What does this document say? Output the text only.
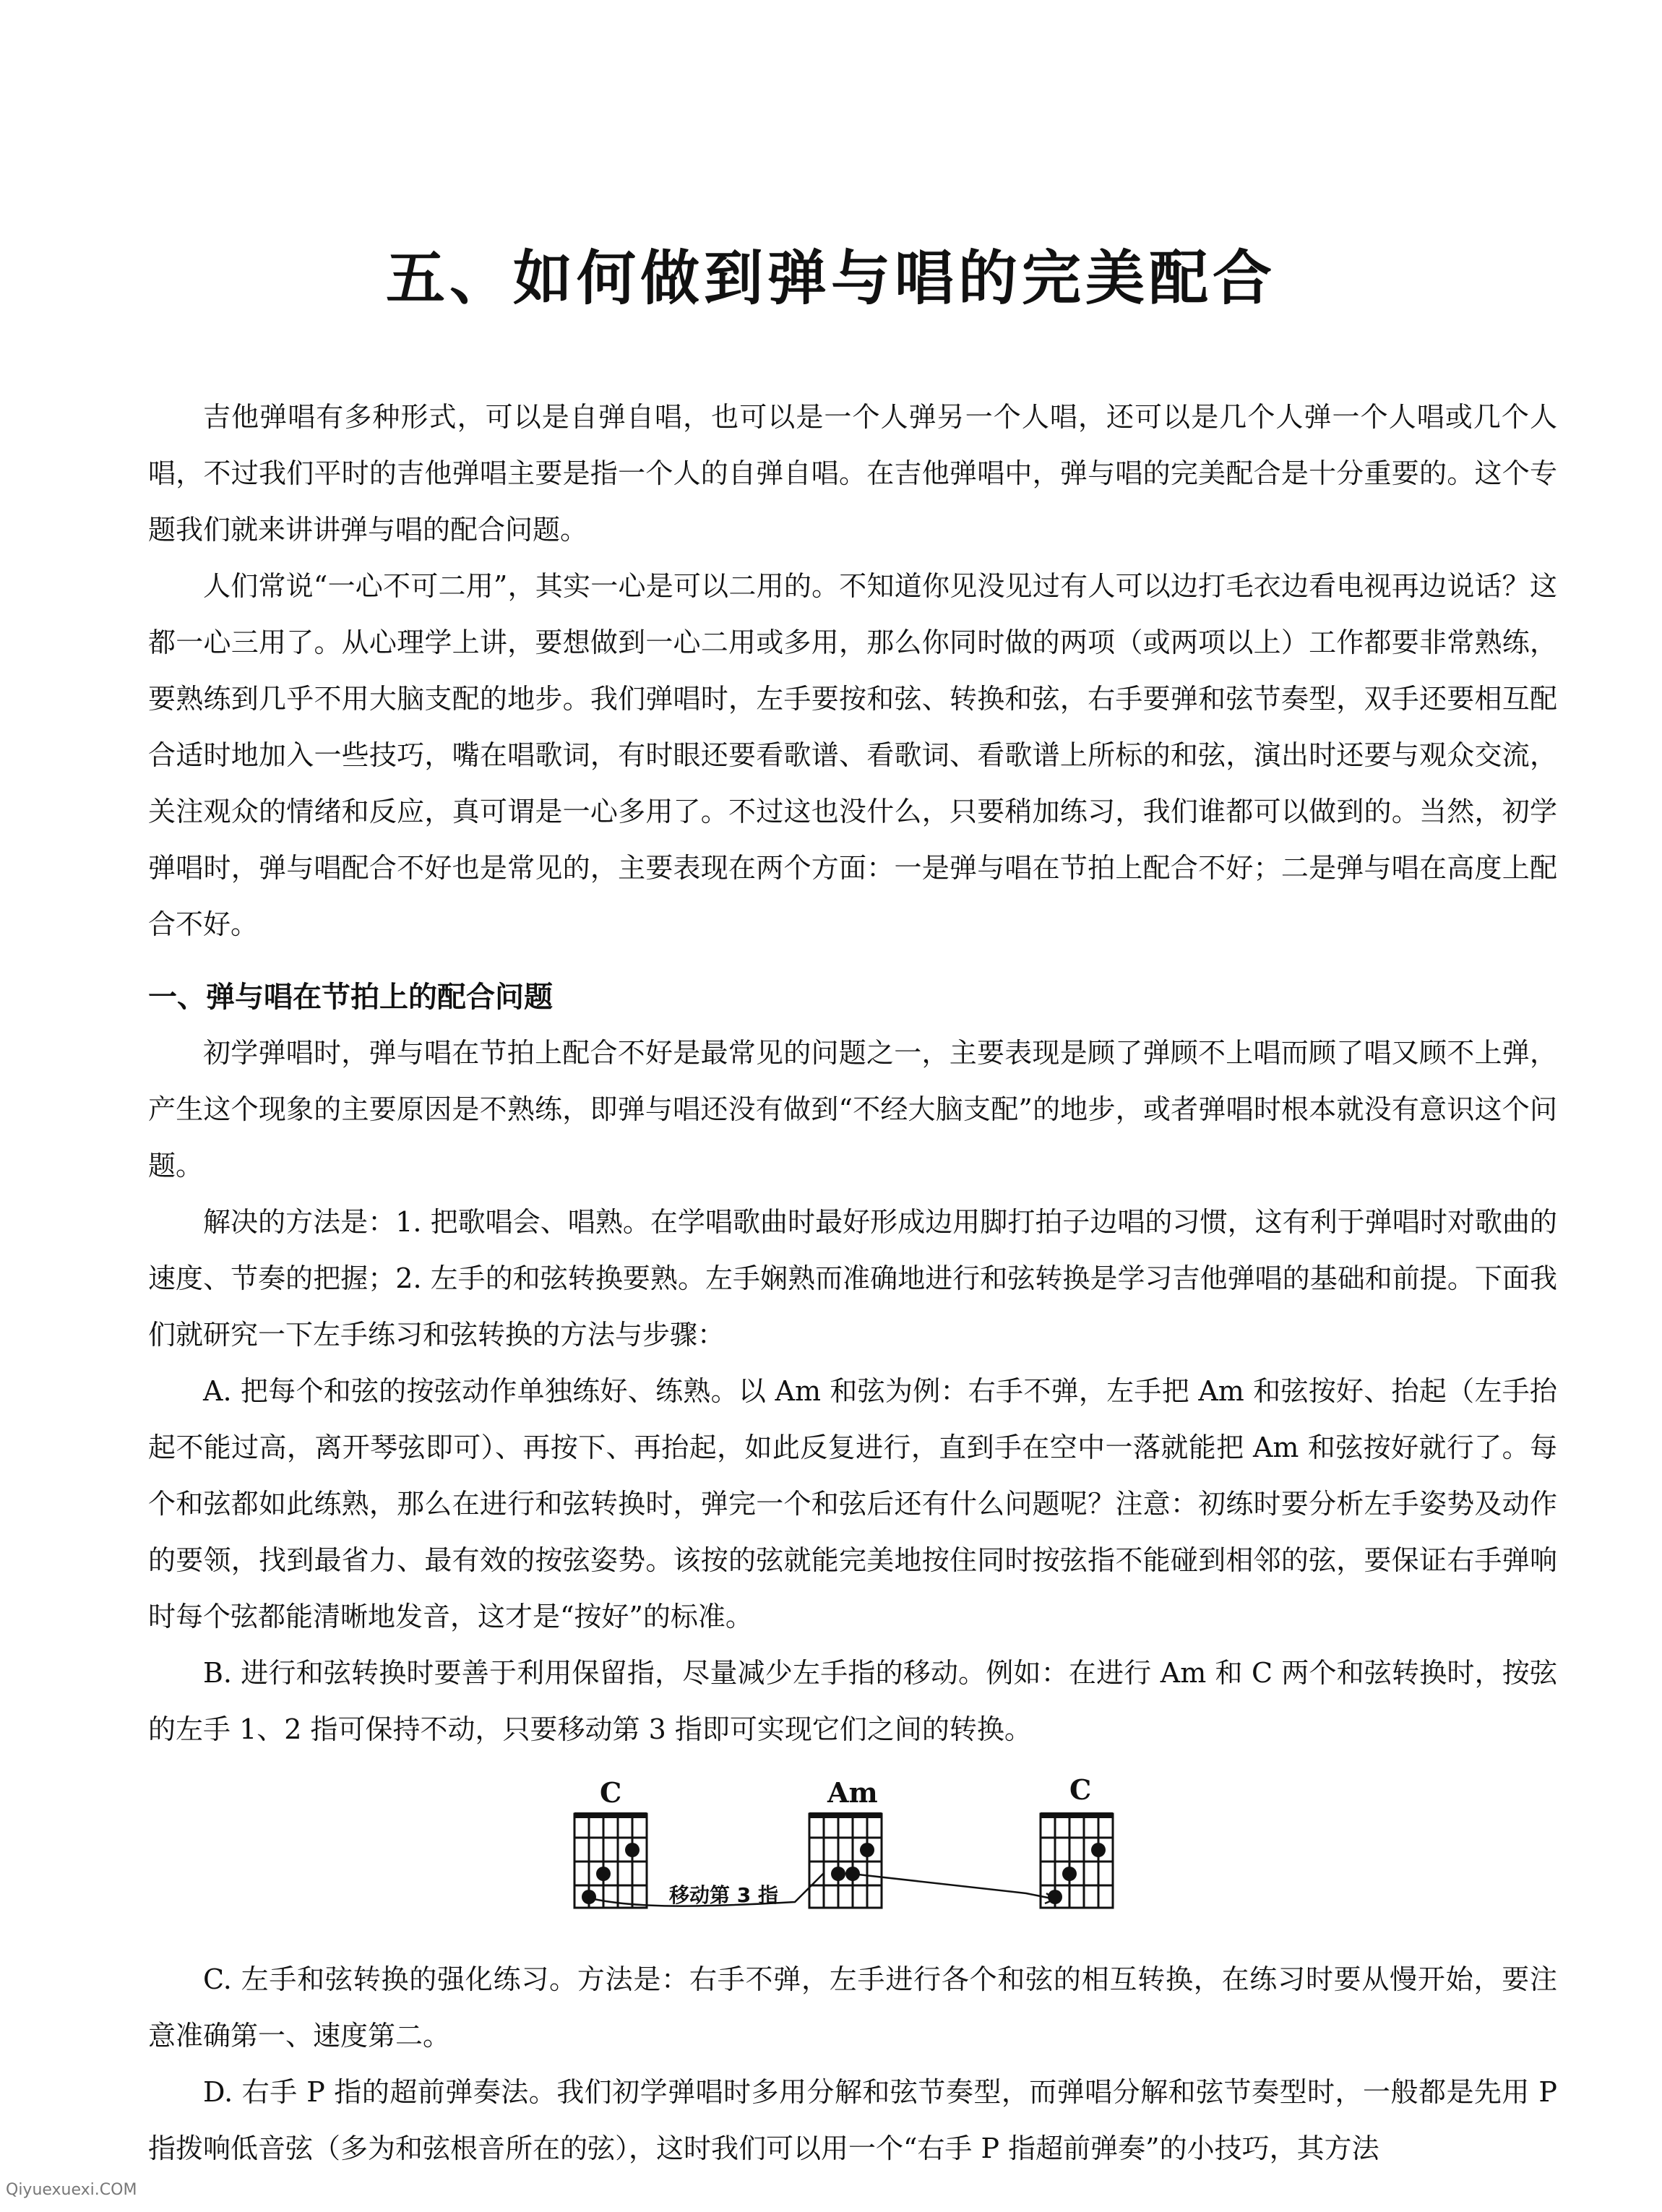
五、如何做到弹与唱的完美配合

吉他弹唱有多种形式，可以是自弹自唱，也可以是一个人弹另一个人唱，还可以是几个人弹一个人唱或几个人唱，不过我们平时的吉他弹唱主要是指一个人的自弹自唱。在吉他弹唱中，弹与唱的完美配合是十分重要的。这个专题我们就来讲讲弹与唱的配合问题。

人们常说“一心不可二用”，其实一心是可以二用的。不知道你见没见过有人可以边打毛衣边看电视再边说话？这都一心三用了。从心理学上讲，要想做到一心二用或多用，那么你同时做的两项（或两项以上）工作都要非常熟练，要熟练到几乎不用大脑支配的地步。我们弹唱时，左手要按和弦、转换和弦，右手要弹和弦节奏型，双手还要相互配合适时地加入一些技巧，嘴在唱歌词，有时眼还要看歌谱、看歌词、看歌谱上所标的和弦，演出时还要与观众交流，关注观众的情绪和反应，真可谓是一心多用了。不过这也没什么，只要稍加练习，我们谁都可以做到的。当然，初学弹唱时，弹与唱配合不好也是常见的，主要表现在两个方面：一是弹与唱在节拍上配合不好；二是弹与唱在高度上配合不好。

一、弹与唱在节拍上的配合问题

初学弹唱时，弹与唱在节拍上配合不好是最常见的问题之一，主要表现是顾了弹顾不上唱而顾了唱又顾不上弹，产生这个现象的主要原因是不熟练，即弹与唱还没有做到“不经大脑支配”的地步，或者弹唱时根本就没有意识这个问题。

解决的方法是：1. 把歌唱会、唱熟。在学唱歌曲时最好形成边用脚打拍子边唱的习惯，这有利于弹唱时对歌曲的速度、节奏的把握；2. 左手的和弦转换要熟。左手娴熟而准确地进行和弦转换是学习吉他弹唱的基础和前提。下面我们就研究一下左手练习和弦转换的方法与步骤：

A. 把每个和弦的按弦动作单独练好、练熟。以 Am 和弦为例：右手不弹，左手把 Am 和弦按好、抬起（左手抬起不能过高，离开琴弦即可）、再按下、再抬起，如此反复进行，直到手在空中一落就能把 Am 和弦按好就行了。每个和弦都如此练熟，那么在进行和弦转换时，弹完一个和弦后还有什么问题呢？注意：初练时要分析左手姿势及动作的要领，找到最省力、最有效的按弦姿势。该按的弦就能完美地按住同时按弦指不能碰到相邻的弦，要保证右手弹响时每个弦都能清晰地发音，这才是“按好”的标准。

B. 进行和弦转换时要善于利用保留指，尽量减少左手指的移动。例如：在进行 Am 和 C 两个和弦转换时，按弦的左手 1、2 指可保持不动，只要移动第 3 指即可实现它们之间的转换。

C	Am	C
移动第 3 指

C. 左手和弦转换的强化练习。方法是：右手不弹，左手进行各个和弦的相互转换，在练习时要从慢开始，要注意准确第一、速度第二。

D. 右手 P 指的超前弹奏法。我们初学弹唱时多用分解和弦节奏型，而弹唱分解和弦节奏型时，一般都是先用 P 指拨响低音弦（多为和弦根音所在的弦），这时我们可以用一个“右手 P 指超前弹奏”的小技巧，其方法

Qiyuexuexi.COM
